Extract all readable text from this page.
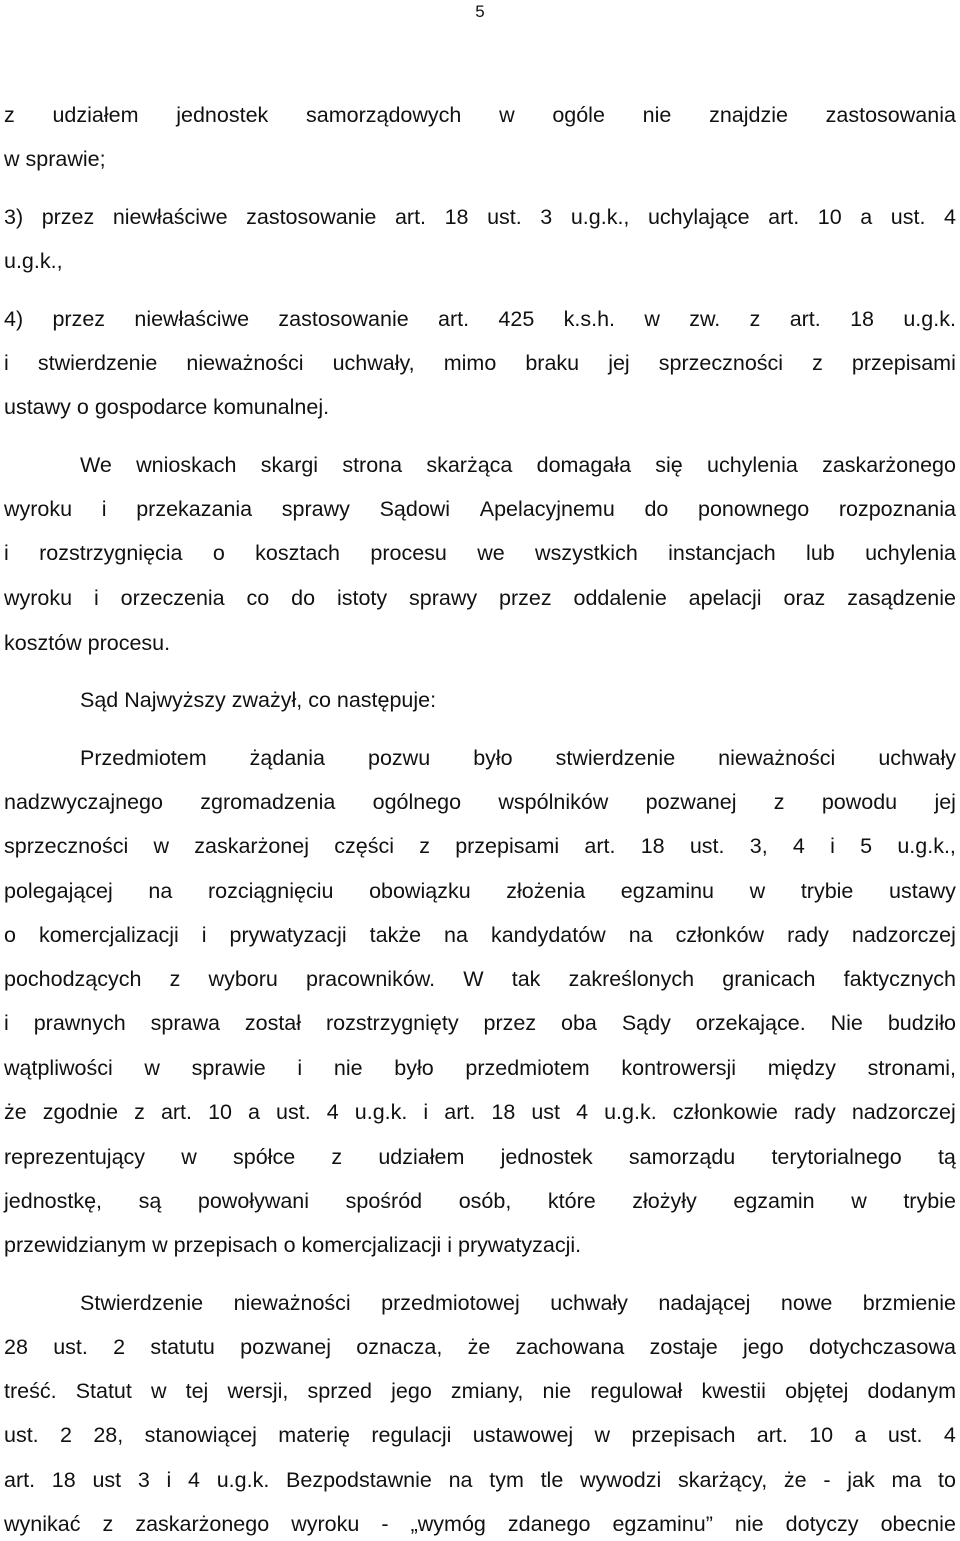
5
z udziałem jednostek samorządowych w ogóle nie znajdzie zastosowania
w sprawie;
3) przez niewłaściwe zastosowanie art. 18 ust. 3 u.g.k., uchylające art. 10 a ust. 4
u.g.k.,
4) przez niewłaściwe zastosowanie art. 425 k.s.h. w zw. z art. 18 u.g.k.
i stwierdzenie nieważności uchwały, mimo braku jej sprzeczności z przepisami
ustawy o gospodarce komunalnej.
We wnioskach skargi strona skarżąca domagała się uchylenia zaskarżonego
wyroku i przekazania sprawy Sądowi Apelacyjnemu do ponownego rozpoznania
i rozstrzygnięcia o kosztach procesu we wszystkich instancjach lub uchylenia
wyroku i orzeczenia co do istoty sprawy przez oddalenie apelacji oraz zasądzenie
kosztów procesu.
Sąd Najwyższy zważył, co następuje:
Przedmiotem żądania pozwu było stwierdzenie nieważności uchwały
nadzwyczajnego zgromadzenia ogólnego wspólników pozwanej z powodu jej
sprzeczności w zaskarżonej części z przepisami art. 18 ust. 3, 4 i 5 u.g.k.,
polegającej na rozciągnięciu obowiązku złożenia egzaminu w trybie ustawy
o komercjalizacji i prywatyzacji także na kandydatów na członków rady nadzorczej
pochodzących z wyboru pracowników. W tak zakreślonych granicach faktycznych
i prawnych sprawa został rozstrzygnięty przez oba Sądy orzekające. Nie budziło
wątpliwości w sprawie i nie było przedmiotem kontrowersji między stronami,
że zgodnie z art. 10 a ust. 4 u.g.k. i art. 18 ust 4 u.g.k. członkowie rady nadzorczej
reprezentujący w spółce z udziałem jednostek samorządu terytorialnego tą
jednostkę, są powoływani spośród osób, które złożyły egzamin w trybie
przewidzianym w przepisach o komercjalizacji i prywatyzacji.
Stwierdzenie nieważności przedmiotowej uchwały nadającej nowe brzmienie
28 ust. 2 statutu pozwanej oznacza, że zachowana zostaje jego dotychczasowa
treść. Statut w tej wersji, sprzed jego zmiany, nie regulował kwestii objętej dodanym
ust. 2 28, stanowiącej materię regulacji ustawowej w przepisach art. 10 a ust. 4
art. 18 ust 3 i 4 u.g.k. Bezpodstawnie na tym tle wywodzi skarżący, że - jak ma to
wynikać z zaskarżonego wyroku - „wymóg zdanego egzaminu” nie dotyczy obecnie
